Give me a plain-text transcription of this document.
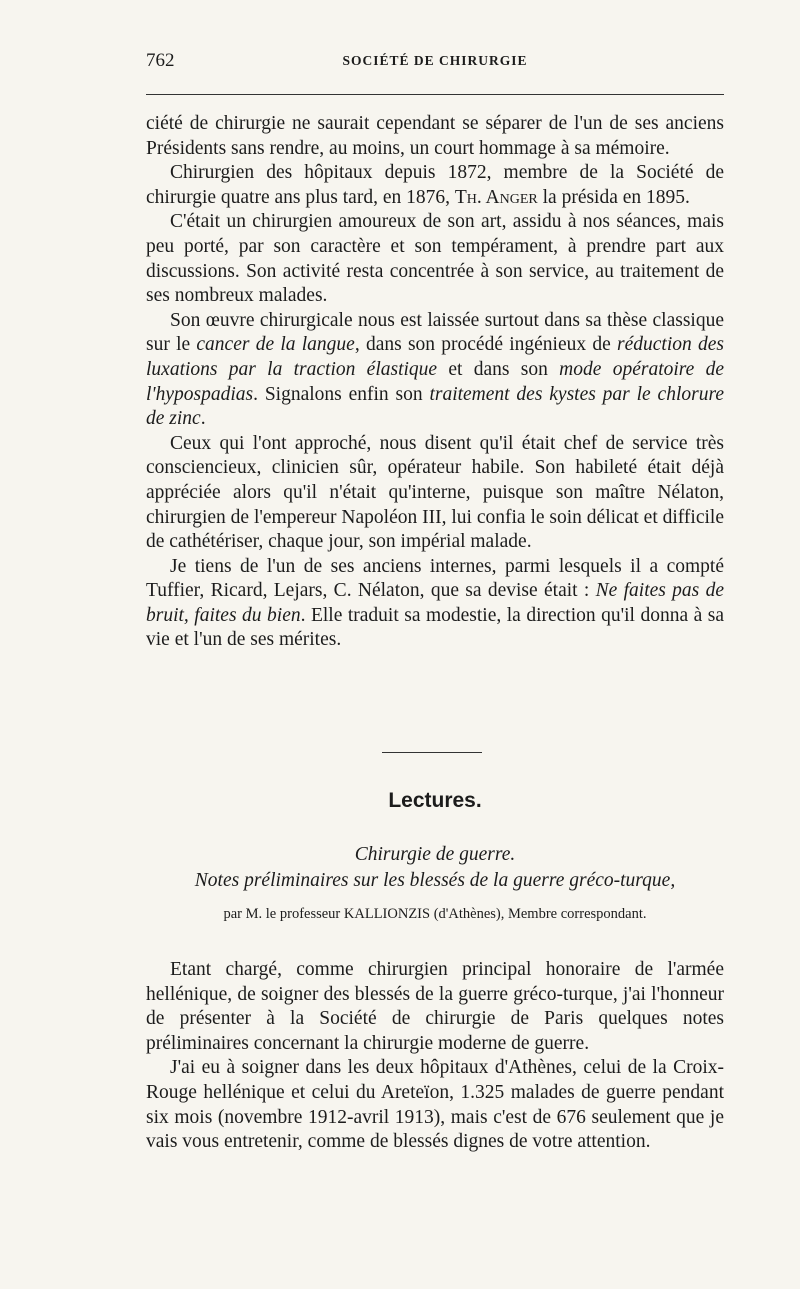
762	SOCIÉTÉ DE CHIRURGIE

ciété de chirurgie ne saurait cependant se séparer de l'un de ses anciens Présidents sans rendre, au moins, un court hommage à sa mémoire.

Chirurgien des hôpitaux depuis 1872, membre de la Société de chirurgie quatre ans plus tard, en 1876, Th. Anger la présida en 1895.

C'était un chirurgien amoureux de son art, assidu à nos séances, mais peu porté, par son caractère et son tempérament, à prendre part aux discussions. Son activité resta concentrée à son service, au traitement de ses nombreux malades.

Son œuvre chirurgicale nous est laissée surtout dans sa thèse classique sur le cancer de la langue, dans son procédé ingénieux de réduction des luxations par la traction élastique et dans son mode opératoire de l'hypospadias. Signalons enfin son traitement des kystes par le chlorure de zinc.

Ceux qui l'ont approché, nous disent qu'il était chef de service très consciencieux, clinicien sûr, opérateur habile. Son habileté était déjà appréciée alors qu'il n'était qu'interne, puisque son maître Nélaton, chirurgien de l'empereur Napoléon III, lui confia le soin délicat et difficile de cathétériser, chaque jour, son impérial malade.

Je tiens de l'un de ses anciens internes, parmi lesquels il a compté Tuffier, Ricard, Lejars, C. Nélaton, que sa devise était : Ne faites pas de bruit, faites du bien. Elle traduit sa modestie, la direction qu'il donna à sa vie et l'un de ses mérites.

Lectures.
Chirurgie de guerre.
Notes préliminaires sur les blessés de la guerre gréco-turque,
par M. le professeur KALLIONZIS (d'Athènes), Membre correspondant.

Etant chargé, comme chirurgien principal honoraire de l'armée hellénique, de soigner des blessés de la guerre gréco-turque, j'ai l'honneur de présenter à la Société de chirurgie de Paris quelques notes préliminaires concernant la chirurgie moderne de guerre.

J'ai eu à soigner dans les deux hôpitaux d'Athènes, celui de la Croix-Rouge hellénique et celui du Areteïon, 1.325 malades de guerre pendant six mois (novembre 1912-avril 1913), mais c'est de 676 seulement que je vais vous entretenir, comme de blessés dignes de votre attention.
